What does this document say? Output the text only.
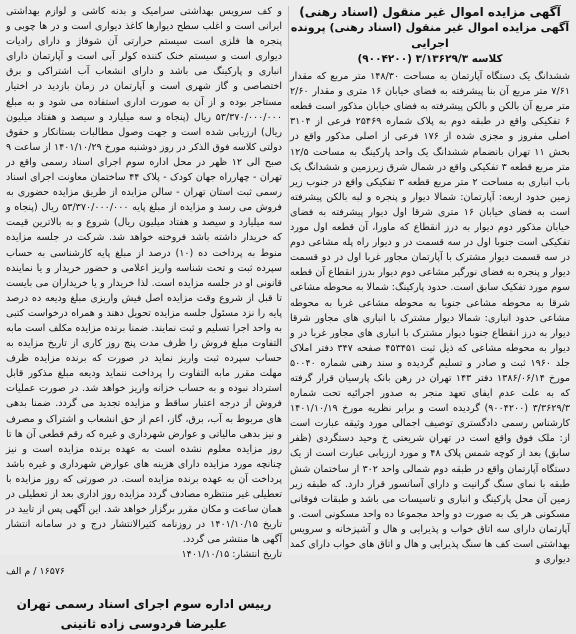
آگهی مزایده اموال غیر منقول (اسناد رهنی)

آگهی مزایده اموال غیر منقول (اسناد رهنی) پرونده اجرایی

کلاسه ۳/۱۳۶۲۹/۳ (۹۰۰۴۲۰۰)

ششدانگ یک دستگاه آپارتمان به مساحت ۱۴۸/۳۰ متر مربع که مقدار ۷/۶۱ متر مربع آن بنا پیشرفته به فضای خیابان ۱۶ متری و مقدار ۲/۶۰ متر مربع آن بالکن و بالکن پیشرفته به فضای خیابان مذکور است قطعه ۶ تفکیکی واقع در طبقه دوم به پلاک شماره ۲۵۴۶۹ فرعی از ۳۱۰۴ اصلی مفروز و مجزی شده از ۱۷۶ فرعی از اصلی مذکور واقع در بخش ۱۱ تهران بانضمام ششدانگ یک واحد پارکینگ به مساحت ۱۲/۵ متر مربع قطعه ۳ تفکیکی واقع در شمال شرق زیرزمین و ششدانگ یک باب انباری به مساحت ۲ متر مربع قطعه ۳ تفکیکی واقع در جنوب زیر زمین حدود اربعه: آپارتمان: شمالا دیوار و پنجره و لبه بالکن پیشرفته است به فضای خیابان ۱۶ متری شرقا اول دیوار پیشرفته به فضای خیابان مذکور دوم دیوار به درز انقطاع که ماورا، آن قطعه اول مورد تفکیکی است جنوبا اول در سه قسمت در و دیوار راه پله مشاعی دوم در سه قسمت دیوار مشترک با آپارتمان مجاور غربا اول در دو قسمت دیوار و پنجره به فضای نورگیر مشاعی دوم دیوار بدرز انقطاع آن قطعه سوم مورد تفکیک سابق است. حدود پارکینگ: شمالا به محوطه مشاعی شرقا به محوطه مشاعی جنوبا به محوطه مشاعی غربا به محوطه مشاعی حدود انباری: شمالا دیوار مشترک با انباری های مجاور شرقا دیوار به درز انقطاع جنوبا دیوار مشترک با انباری های مجاور غربا در و دیوار به محوطه مشاعی که ذیل ثبت ۴۵۳۴۵۱ صفحه ۳۴۷ دفتر املاک جلد ۱۹۶۰ ثبت و صادر و تسلیم گردیده و سند رهنی شماره ۵۰۰۴۰ مورخ ۱۳۸۶/۰۶/۱۴ دفتر ۱۴۳ تهران در رهن بانک پارسیان قرار گرفته که به علت عدم ایفای تعهد منجر به صدور اجرائیه تحت شماره ۳/۳۶۲۹/۳ (۹۰۰۴۲۰۰) گردیده است و برابر نظریه مورخ ۱۴۰۱/۱۰/۱۹ کارشناس رسمی دادگستری توصیف اجمالی مورد وثیقه عبارت است از: ملک فوق واقع است در تهران شریعتی خ وحید دستگردی (ظفر سابق) بعد از کوچه شمس پلاک ۴۸ و مورد ارزیابی عبارت است از یک دستگاه آپارتمان واقع در طبقه دوم شمالی واحد ۳۰۲ از ساختمان شش طبقه با نمای سنگ گرانیت و دارای آسانسور قرار دارد. که طبقه زیر زمین آن محل پارکینگ و انباری و تاسیسات می باشد و طبقات فوقانی مسکونی هر یک به صورت دو واحد مجموعا ده واحد مسکونی است. و آپارتمان دارای سه اتاق خواب و پذیرایی و هال و آشپزخانه و سرویس بهداشتی است کف ها سنگ پذیرایی و هال و اتاق های خواب دارای کمد دیواری و

و کف سرویس بهداشتی سرامیک و بدنه کاشی و لوازم بهداشتی ایرانی است و اغلب سطح دیوارها کاغذ دیواری است و در ها چوبی و پنجره ها فلزی است سیستم حرارتی آن شوفاژ و دارای رادیات دیواری است و سیستم خنک کننده کولر آبی است و آپارتمان دارای انباری و پارکینگ می باشد و دارای انشعاب آب اشتراکی و برق اختصاصی و گاز شهری است و آپارتمان در زمان بازدید در اختیار مستاجر بوده و از آن به صورت اداری استفاده می شود و به مبلغ ۵۳/۳۷۰/۰۰۰/۰۰۰ ریال (پنجاه و سه میلیارد و سیصد و هفتاد میلیون ریال) ارزیابی شده است و جهت وصول مطالبات بستانکار و حقوق دولتی کلاسه فوق الذکر در روز دوشنبه مورخ ۱۴۰۱/۱۰/۲۹ از ساعت ۹ صبح الی ۱۲ ظهر در محل اداره سوم اجرای اسناد رسمی واقع در تهران - چهارراه جهان کودک - پلاک ۴۴ ساختمان معاونت اجرای اسناد رسمی ثبت استان تهران - سالن مزایده از طریق مزایده حضوری به فروش می رسد و مزایده از مبلغ پایه ۵۳/۳۷۰/۰۰۰/۰۰۰ ریال (پنجاه و سه میلیارد و سیصد و هفتاد میلیون ریال) شروع و به بالاترین قیمت که خریدار داشته باشد فروخته خواهد شد. شرکت در جلسه مزایده منوط به پرداخت ده (۱۰) درصد از مبلغ پایه کارشناسی به حساب سپرده ثبت و تحت شناسه واریز اعلامی و حضور خریدار و یا نماینده قانونی او در جلسه مزایده است. لذا خریدار و یا خریداران می بایست تا قبل از شروع وقت مزایده اصل فیش واریزی مبلغ ودیعه ده درصد پایه را نزد مسئول جلسه مزایده تحویل دهند و همراه درخواست کتبی به واحد اجرا تسلیم و ثبت نمایند. ضمنا برنده مزایده مکلف است مابه التفاوت مبلغ فروش را ظرف مدت پنج روز کاری از تاریخ مزایده به حساب سپرده ثبت واریز نماید در صورت که برنده مزایده ظرف مهلت مقرر مابه التفاوت را پرداخت ننماید ودیعه مبلغ مذکور قابل استرداد نبوده و به حساب خزانه واریز خواهد شد. در صورت عملیات فروش از درجه اعتبار ساقط و مزایده تجدید می گردد. ضمنا بدهی های مربوط به آب، برق، گاز، اعم از حق انشعاب و اشتراک و مصرف و نیز بدهی مالیاتی و عوارض شهرداری و غیره که رقم قطعی آن ها تا روز مزایده معلوم نشده است به عهده برنده مزایده است و نیز چنانچه مورد مزایده دارای هزینه های عوارض شهرداری و غیره باشد پرداخت آن به عهده برنده مزایده است. در صورتی که روز مزایده با تعطیلی غیر منتظره مصادف گردد مزایده روز اداری بعد از تعطیلی در همان ساعت و مکان مقرر برگزار خواهد شد. این آگهی پس از تایید در تاریخ ۱۴۰۱/۱۰/۱۵ در روزنامه کثیرالانتشار درج و در سامانه انتشار آگهی ها منتشر می گردد.

تاریخ انتشار: ۱۴۰۱/۱۰/۱۵

۱۶۵۷۶ / م الف

رییس اداره سوم اجرای اسناد رسمی تهران
علیرضا فردوسی زاده ثانینی
